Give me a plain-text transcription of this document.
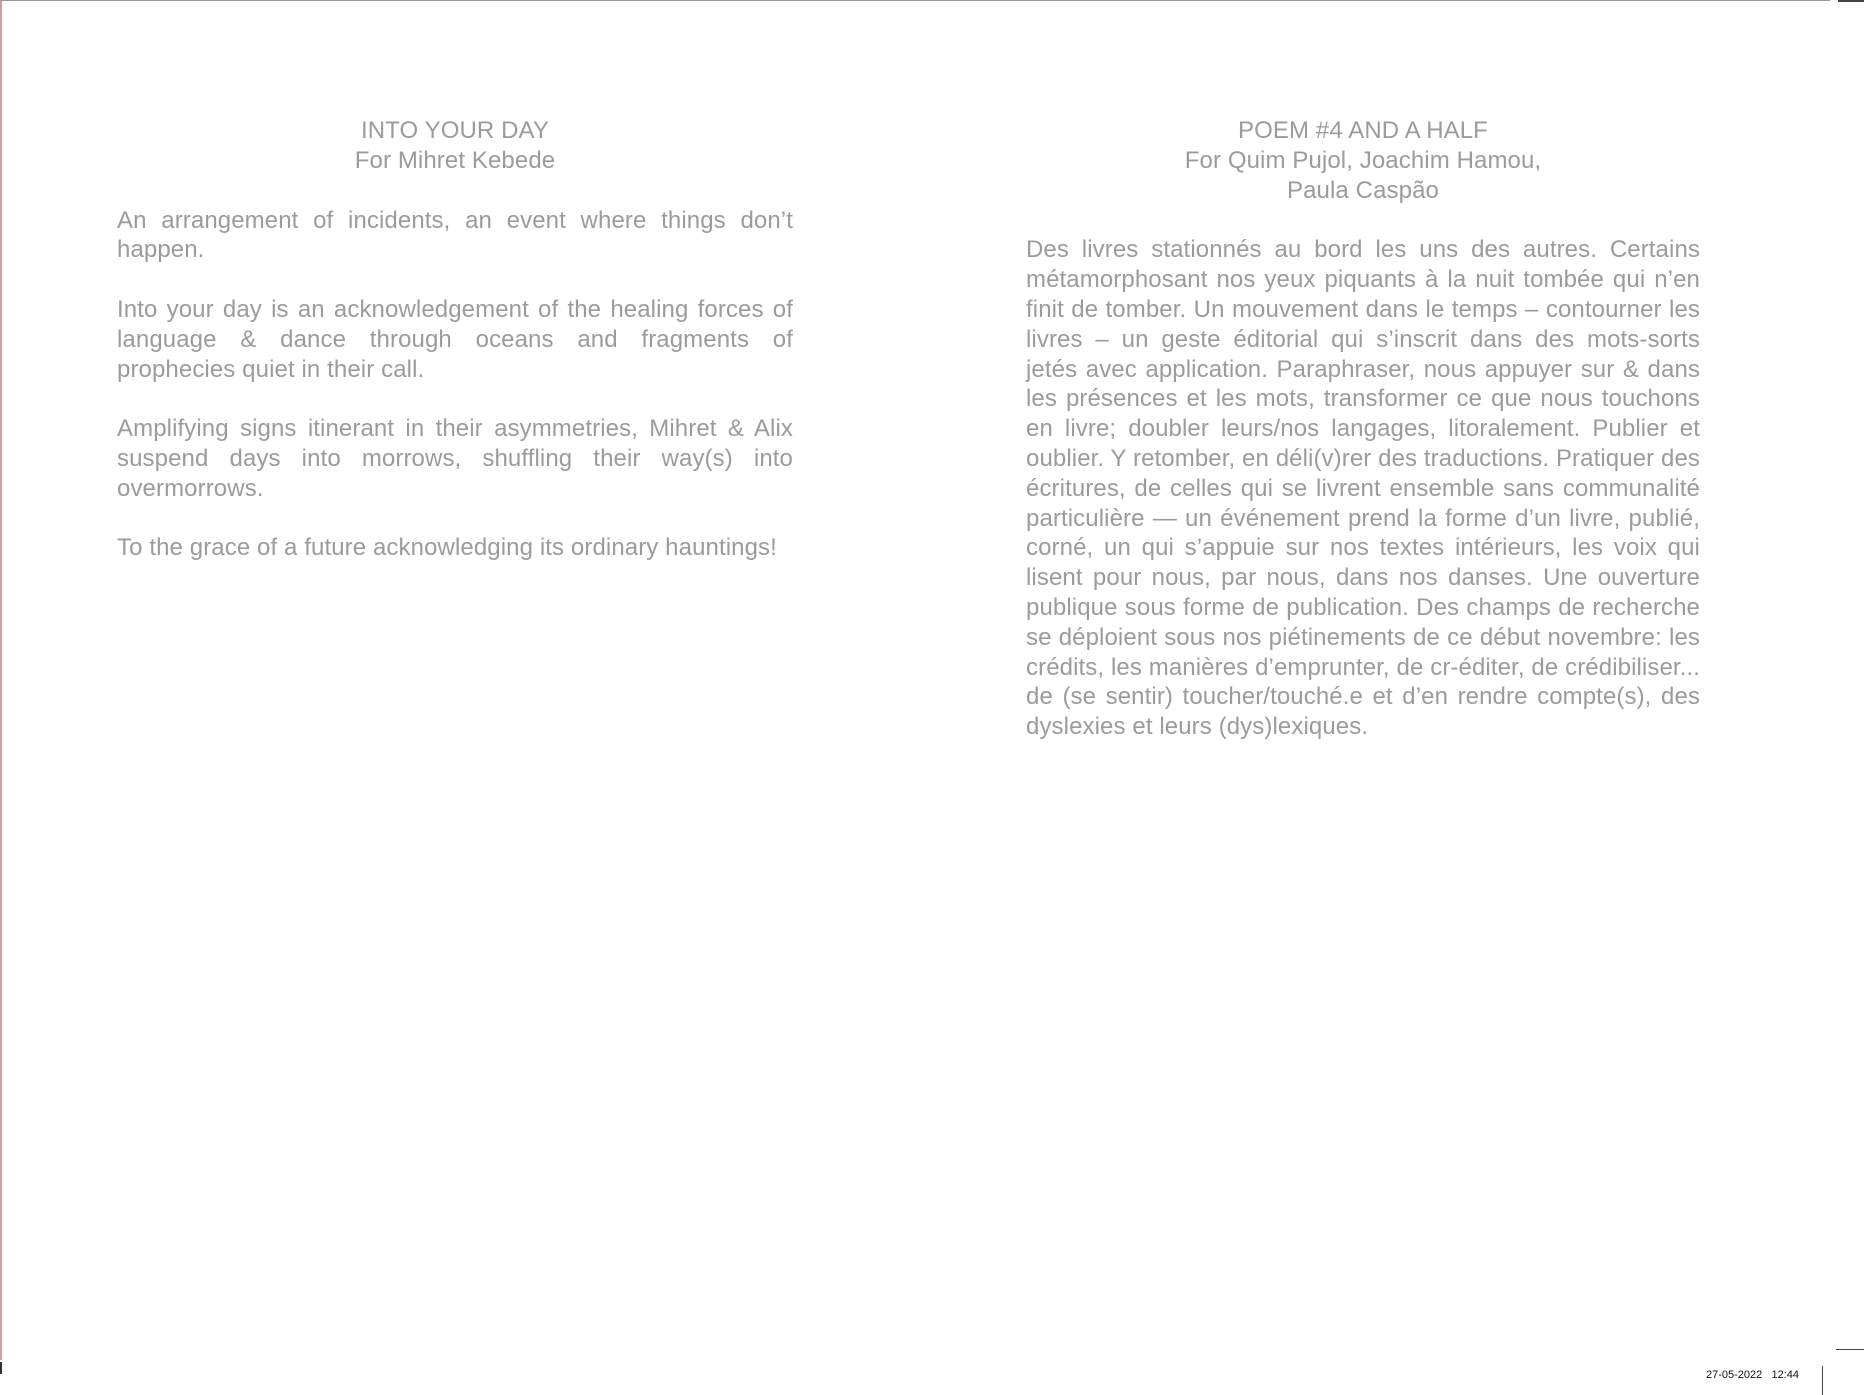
INTO YOUR DAY

For Mihret Kebede

An arrangement of incidents, an event where things don’t happen.

Into your day is an acknowledgement of the healing forces of language & dance through oceans and fragments of prophecies quiet in their call.

Amplifying signs itinerant in their asymmetries, Mihret & Alix suspend days into morrows, shuffling their way(s) into overmorrows.

To the grace of a future acknowledging its ordinary hauntings!

POEM #4 AND A HALF

For Quim Pujol, Joachim Hamou,

Paula Caspão

Des livres stationnés au bord les uns des autres. Certains métamorphosant nos yeux piquants à la nuit tombée qui n’en finit de tomber. Un mouvement dans le temps – contourner les livres – un geste éditorial qui s’inscrit dans des mots-sorts jetés avec application. Paraphraser, nous appuyer sur & dans les présences et les mots, transformer ce que nous touchons en livre; doubler leurs/nos langages, litoralement. Publier et oublier. Y retomber, en déli(v)rer des traductions. Pratiquer des écritures, de celles qui se livrent ensemble sans communalité particulière — un événement prend la forme d’un livre, publié, corné, un qui s’appuie sur nos textes intérieurs, les voix qui lisent pour nous, par nous, dans nos danses. Une ouverture publique sous forme de publication. Des champs de recherche se déploient sous nos piétinements de ce début novembre: les crédits, les manières d’emprunter, de cr-éditer, de crédibiliser... de (se sentir) toucher/touché.e et d’en rendre compte(s), des dyslexies et leurs (dys)lexiques.

27-05-2022 12:44
